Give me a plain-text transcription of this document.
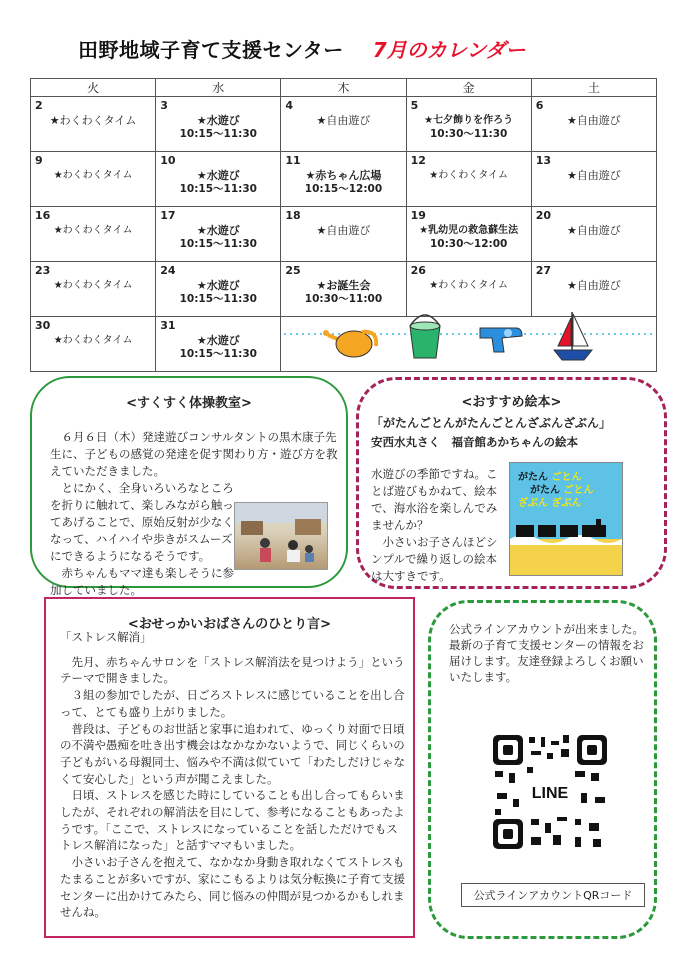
田野地域子育て支援センター 7月のカレンダー
火	水	木	金	土

2
★わくわくタイム	3
★水遊び
10:15～11:30	4
★自由遊び	5
★七夕飾りを作ろう
10:30～11:30	6
★自由遊び

9
★わくわくタイム	10
★水遊び
10:15～11:30	11
★赤ちゃん広場
10:15～12:00	12
★わくわくタイム	13
★自由遊び

16
★わくわくタイム	17
★水遊び
10:15～11:30	18
★自由遊び	19
★乳幼児の救急蘇生法
10:30～12:00	20
★自由遊び

23
★わくわくタイム	24
★水遊び
10:15～11:30	25
★お誕生会
10:30～11:00	26
★わくわくタイム	27
★自由遊び

30
★わくわくタイム	31
★水遊び
10:15～11:30			

<すくすく体操教室>
　６月６日（木）発達遊びコンサルタントの黒木康子先生に、子どもの感覚の発達を促す関わり方・遊び方を教えていただきました。
　とにかく、全身いろいろなところを折りに触れて、楽しみながら触ってあげることで、原始反射が少なくなって、ハイハイや歩きがスムーズにできるようになるそうです。
　赤ちゃんもママ達も楽しそうに参加していました。
<おすすめ絵本>
「がたんごとんがたんごとんざぶんざぶん」
安西水丸さく　福音館あかちゃんの絵本
水遊びの季節ですね。ことば遊びもかねて、絵本で、海水浴を楽しんでみませんか？
　小さいお子さんほどシンプルで繰り返しの絵本は大すきです。
がたん ごとん
がたん ごとん
ざぶん ざぶん
<おせっかいおばさんのひとり言>

「ストレス解消」

　先月、赤ちゃんサロンを「ストレス解消法を見つけよう」というテーマで開きました。

　３組の参加でしたが、日ごろストレスに感じていることを出し合って、とても盛り上がりました。

　普段は、子どものお世話と家事に追われて、ゆっくり対面で日頃の不満や愚痴を吐き出す機会はなかなかないようで、同じくらいの子どもがいる母親同士、悩みや不満は似ていて「わたしだけじゃなくて安心した」という声が聞こえました。

　日頃、ストレスを感じた時にしていることも出し合ってもらいましたが、それぞれの解消法を目にして、参考になることもあったようです。「ここで、ストレスになっていることを話しただけでもストレス解消になった」と話すママもいました。

　小さいお子さんを抱えて、なかなか身動き取れなくてストレスもたまることが多いですが、家にこもるよりは気分転換に子育て支援センターに出かけてみたら、同じ悩みの仲間が見つかるかもしれませんね。

公式ラインアカウントが出来ました。最新の子育て支援センターの情報をお届けします。友達登録よろしくお願いいたします。
LINE
公式ラインアカウントQRコード
